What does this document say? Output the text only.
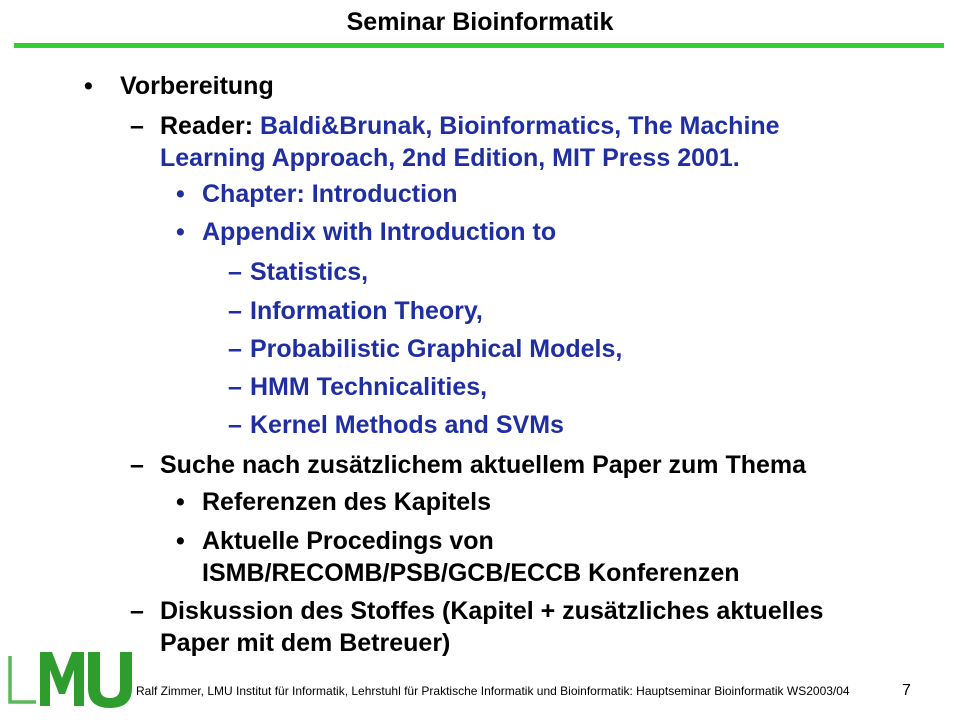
Seminar Bioinformatik
• Vorbereitung
– Reader: Baldi&Brunak, Bioinformatics, The Machine
Learning Approach, 2nd Edition, MIT Press 2001.
• Chapter: Introduction
• Appendix with Introduction to
– Statistics,
– Information Theory,
– Probabilistic Graphical Models,
– HMM Technicalities,
– Kernel Methods and SVMs
– Suche nach zusätzlichem aktuellem Paper zum Thema
• Referenzen des Kapitels
• Aktuelle Procedings von
ISMB/RECOMB/PSB/GCB/ECCB Konferenzen
– Diskussion des Stoffes (Kapitel + zusätzliches aktuelles
Paper mit dem Betreuer)
Ralf Zimmer, LMU Institut für Informatik, Lehrstuhl für Praktische Informatik und Bioinformatik: Hauptseminar Bioinformatik WS2003/04	7
